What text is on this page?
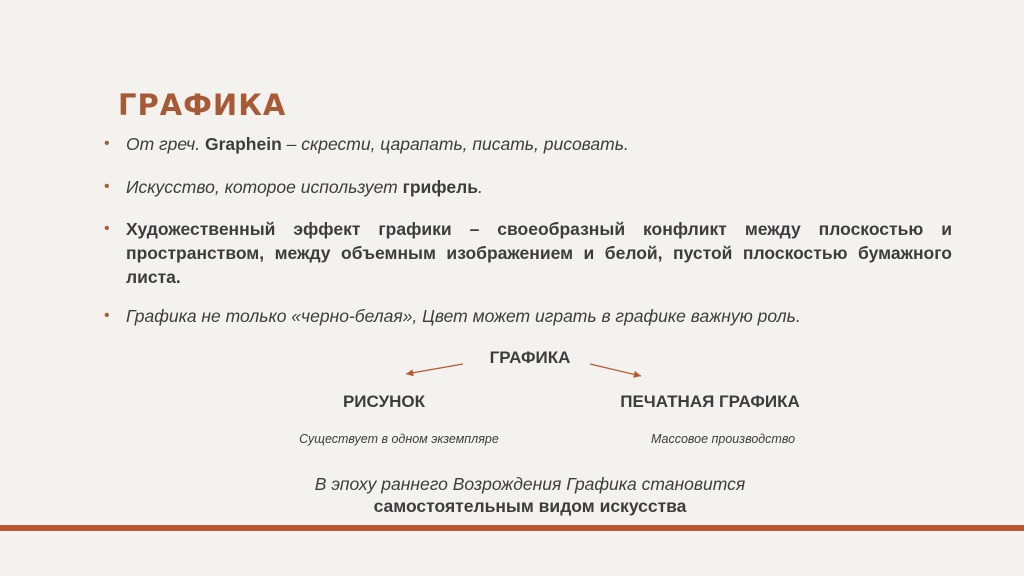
ГРАФИКА
• От греч. Graphein – скрести, царапать, писать, рисовать.
• Искусство, которое использует грифель.
• Художественный эффект графики – своеобразный конфликт между плоскостью и пространством, между объемным изображением и белой, пустой плоскостью бумажного листа.
• Графика не только «черно-белая», Цвет может играть в графике важную роль.
ГРАФИКА
РИСУНОК	ПЕЧАТНАЯ ГРАФИКА
Существует в одном экземпляре	Массовое производство
В эпоху раннего Возрождения Графика становится
самостоятельным видом искусства
